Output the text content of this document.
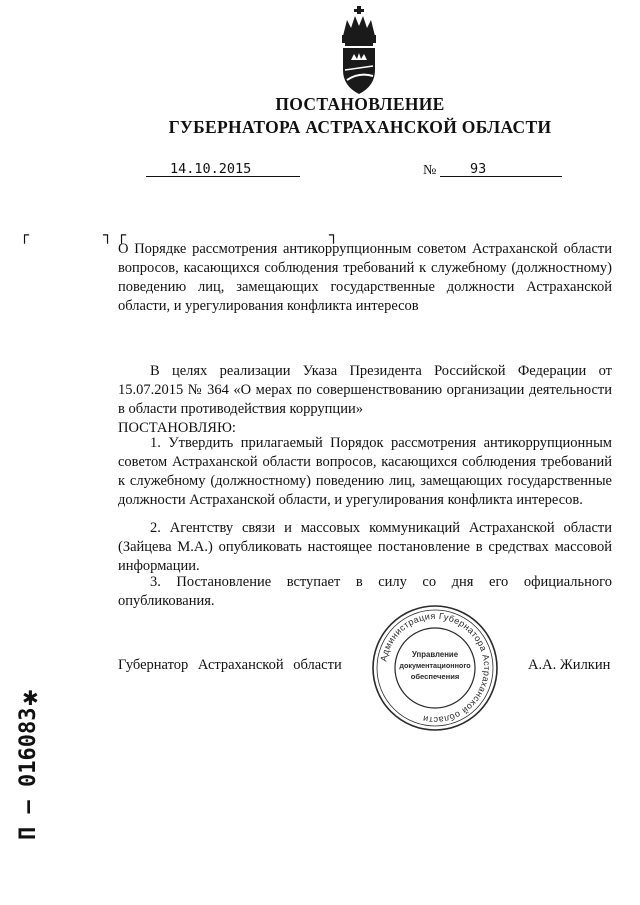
ПОСТАНОВЛЕНИЕ
ГУБЕРНАТОРА АСТРАХАНСКОЙ ОБЛАСТИ
14.10.2015	№ 93
┌	┐ ┌	┐
О Порядке рассмотрения антикоррупционным советом Астраханской области вопросов, касающихся соблюдения требований к служебному (должностному) поведению лиц, замещающих государственные должности Астраханской области, и урегулирования конфликта интересов
В целях реализации Указа Президента Российской Федерации от 15.07.2015 № 364 «О мерах по совершенствованию организации деятельности в области противодействия коррупции»
ПОСТАНОВЛЯЮ:
1. Утвердить прилагаемый Порядок рассмотрения антикоррупционным советом Астраханской области вопросов, касающихся соблюдения требований к служебному (должностному) поведению лиц, замещающих государственные должности Астраханской области, и урегулирования конфликта интересов.
2. Агентству связи и массовых коммуникаций Астраханской области (Зайцева М.А.) опубликовать настоящее постановление в средствах массовой информации.
3. Постановление вступает в силу со дня его официального опубликования.
Губернатор Астраханской области	А.А. Жилкин
Администрация Губернатора Астраханской области
Управление
документационного
обеспечения
✱
П – 016083
